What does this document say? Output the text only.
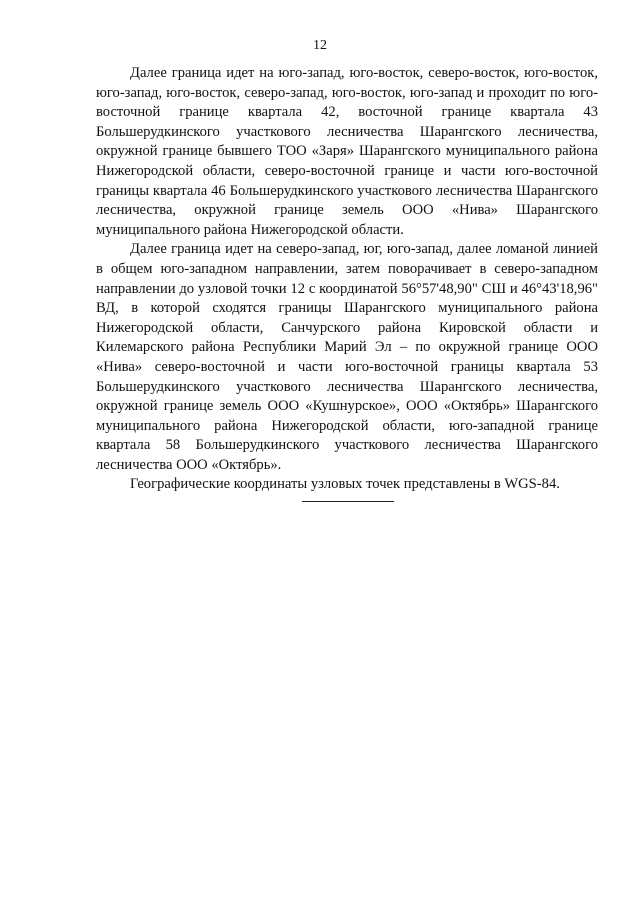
12

Далее граница идет на юго-запад, юго-восток, северо-восток, юго-восток, юго-запад, юго-восток, северо-запад, юго-восток, юго-запад и проходит по юго-восточной границе квартала 42, восточной границе квартала 43 Большерудкинского участкового лесничества Шарангского лесничества, окружной границе бывшего ТОО «Заря» Шарангского муниципального района Нижегородской области, северо-восточной границе и части юго-восточной границы квартала 46 Большерудкинского участкового лесничества Шарангского лесничества, окружной границе земель ООО «Нива» Шарангского муниципального района Нижегородской области.

Далее граница идет на северо-запад, юг, юго-запад, далее ломаной линией в общем юго-западном направлении, затем поворачивает в северо-западном направлении до узловой точки 12 с координатой 56°57'48,90" СШ и 46°43'18,96" ВД, в которой сходятся границы Шарангского муниципального района Нижегородской области, Санчурского района Кировской области и Килемарского района Республики Марий Эл – по окружной границе ООО «Нива» северо-восточной и части юго-восточной границы квартала 53 Большерудкинского участкового лесничества Шарангского лесничества, окружной границе земель ООО «Кушнурское», ООО «Октябрь» Шарангского муниципального района Нижегородской области, юго-западной границе квартала 58 Большерудкинского участкового лесничества Шарангского лесничества ООО «Октябрь».

Географические координаты узловых точек представлены в WGS-84.
